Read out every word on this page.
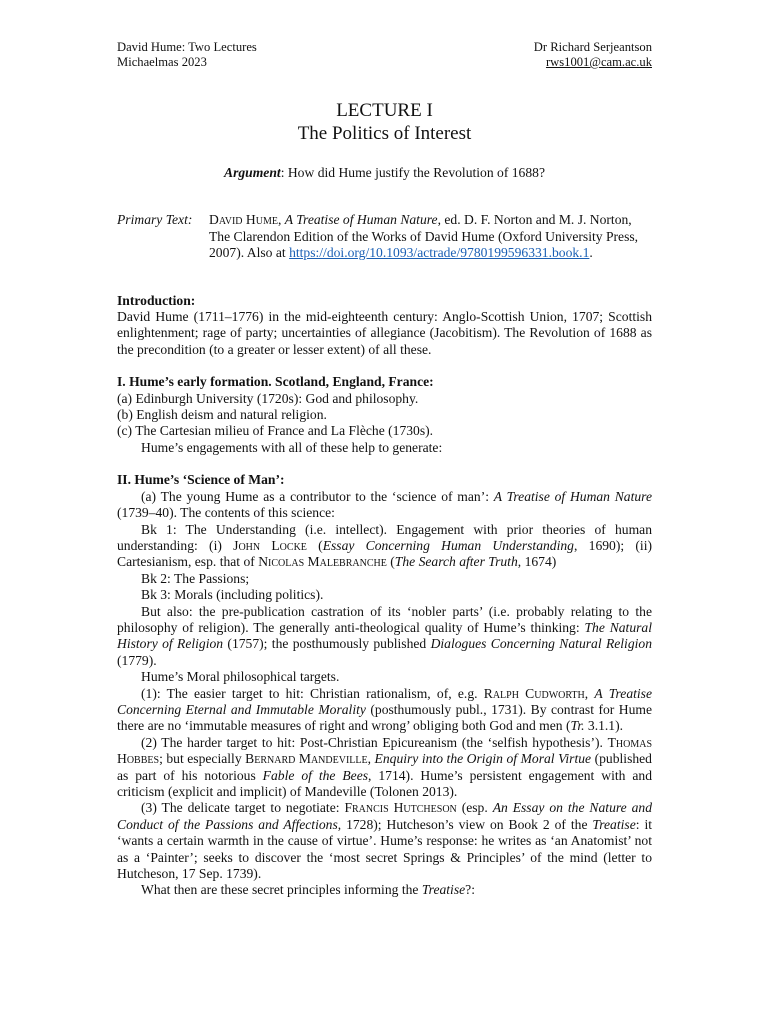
David Hume: Two Lectures
Michaelmas 2023
Dr Richard Serjeantson
rws1001@cam.ac.uk
LECTURE I
The Politics of Interest
Argument: How did Hume justify the Revolution of 1688?
Primary Text:	David Hume, A Treatise of Human Nature, ed. D. F. Norton and M. J. Norton, The Clarendon Edition of the Works of David Hume (Oxford University Press, 2007). Also at https://doi.org/10.1093/actrade/9780199596331.book.1.
Introduction:

David Hume (1711–1776) in the mid-eighteenth century: Anglo-Scottish Union, 1707; Scottish enlightenment; rage of party; uncertainties of allegiance (Jacobitism). The Revolution of 1688 as the precondition (to a greater or lesser extent) of all these.

I. Hume’s early formation. Scotland, England, France:

(a) Edinburgh University (1720s): God and philosophy.

(b) English deism and natural religion.

(c) The Cartesian milieu of France and La Flèche (1730s).

Hume’s engagements with all of these help to generate:

II. Hume’s ‘Science of Man’:

(a) The young Hume as a contributor to the ‘science of man’: A Treatise of Human Nature (1739–40). The contents of this science:

Bk 1: The Understanding (i.e. intellect). Engagement with prior theories of human understanding: (i) John Locke (Essay Concerning Human Understanding, 1690); (ii) Cartesianism, esp. that of Nicolas Malebranche (The Search after Truth, 1674)

Bk 2: The Passions;

Bk 3: Morals (including politics).

But also: the pre-publication castration of its ‘nobler parts’ (i.e. probably relating to the philosophy of religion). The generally anti-theological quality of Hume’s thinking: The Natural History of Religion (1757); the posthumously published Dialogues Concerning Natural Religion (1779).

Hume’s Moral philosophical targets.

(1): The easier target to hit: Christian rationalism, of, e.g. Ralph Cudworth, A Treatise Concerning Eternal and Immutable Morality (posthumously publ., 1731). By contrast for Hume there are no ‘immutable measures of right and wrong’ obliging both God and men (Tr. 3.1.1).

(2) The harder target to hit: Post-Christian Epicureanism (the ‘selfish hypothesis’). Thomas Hobbes; but especially Bernard Mandeville, Enquiry into the Origin of Moral Virtue (published as part of his notorious Fable of the Bees, 1714). Hume’s persistent engagement with and criticism (explicit and implicit) of Mandeville (Tolonen 2013).

(3) The delicate target to negotiate: Francis Hutcheson (esp. An Essay on the Nature and Conduct of the Passions and Affections, 1728); Hutcheson’s view on Book 2 of the Treatise: it ‘wants a certain warmth in the cause of virtue’. Hume’s response: he writes as ‘an Anatomist’ not as a ‘Painter’; seeks to discover the ‘most secret Springs & Principles’ of the mind (letter to Hutcheson, 17 Sep. 1739).

What then are these secret principles informing the Treatise?:
